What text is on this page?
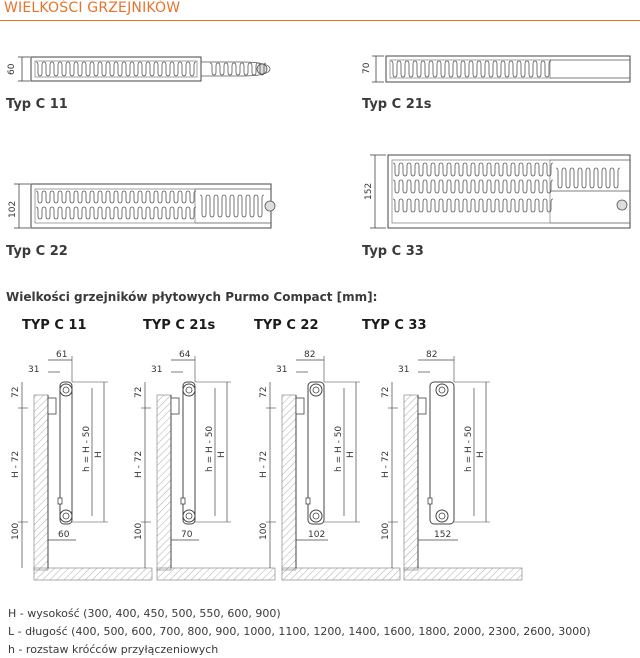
WIELKOŚCI GRZEJNIKÓW
60	70
102
152
61
31
72
H - 72
100
h = H - 50 H
60
64
31
72
H - 72
100
h = H - 50 H
70
82
31
72
H - 72
100
h = H - 50 H
102
82
31
72
H - 72
100
h = H - 50 H
152
Typ C 11	Typ C 21s
Typ C 22	Typ C 33
Wielkości grzejników płytowych Purmo Compact [mm]:
TYP C 11	TYP C 21s	TYP C 22	TYP C 33
H - wysokość (300, 400, 450, 500, 550, 600, 900)
L - długość (400, 500, 600, 700, 800, 900, 1000, 1100, 1200, 1400, 1600, 1800, 2000, 2300, 2600, 3000)
h - rozstaw króćców przyłączeniowych
